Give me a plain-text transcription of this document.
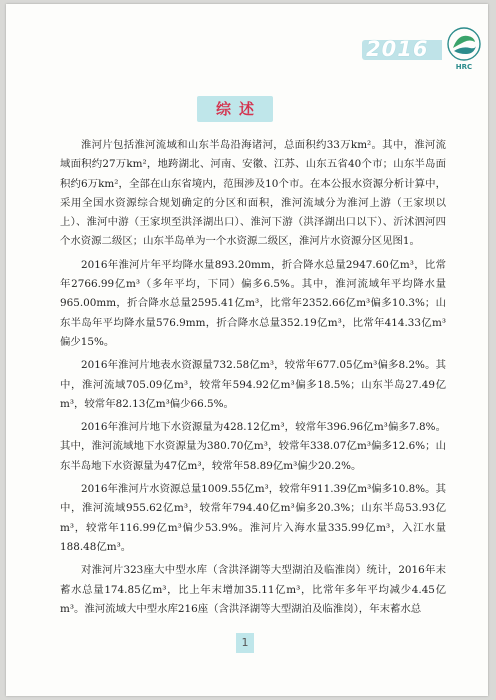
2016
HRC
综述

淮河片包括淮河流域和山东半岛沿海诸河，总面积约33万km²。其中，淮河流域面积约27万km²，地跨湖北、河南、安徽、江苏、山东五省40个市；山东半岛面积约6万km²，全部在山东省境内，范围涉及10个市。在本公报水资源分析计算中，采用全国水资源综合规划确定的分区和面积，淮河流域分为淮河上游（王家坝以上）、淮河中游（王家坝至洪泽湖出口）、淮河下游（洪泽湖出口以下）、沂沭泗河四个水资源二级区；山东半岛单为一个水资源二级区，淮河片水资源分区见图1。

2016年淮河片年平均降水量893.20mm，折合降水总量2947.60亿m³，比常年2766.99亿m³（多年平均，下同）偏多6.5%。其中，淮河流域年平均降水量965.00mm，折合降水总量2595.41亿m³，比常年2352.66亿m³偏多10.3%；山东半岛年平均降水量576.9mm，折合降水总量352.19亿m³，比常年414.33亿m³偏少15%。

2016年淮河片地表水资源量732.58亿m³，较常年677.05亿m³偏多8.2%。其中，淮河流域705.09亿m³，较常年594.92亿m³偏多18.5%；山东半岛27.49亿m³，较常年82.13亿m³偏少66.5%。

2016年淮河片地下水资源量为428.12亿m³，较常年396.96亿m³偏多7.8%。其中，淮河流域地下水资源量为380.70亿m³，较常年338.07亿m³偏多12.6%；山东半岛地下水资源量为47亿m³，较常年58.89亿m³偏少20.2%。

2016年淮河片水资源总量1009.55亿m³，较常年911.39亿m³偏多10.8%。其中，淮河流域955.62亿m³，较常年794.40亿m³偏多20.3%；山东半岛53.93亿m³，较常年116.99亿m³偏少53.9%。淮河片入海水量335.99亿m³，入江水量188.48亿m³。

对淮河片323座大中型水库（含洪泽湖等大型湖泊及临淮岗）统计，2016年末蓄水总量174.85亿m³，比上年末增加35.11亿m³，比常年多年平均减少4.45亿m³。淮河流域大中型水库216座（含洪泽湖等大型湖泊及临淮岗），年末蓄水总

1
